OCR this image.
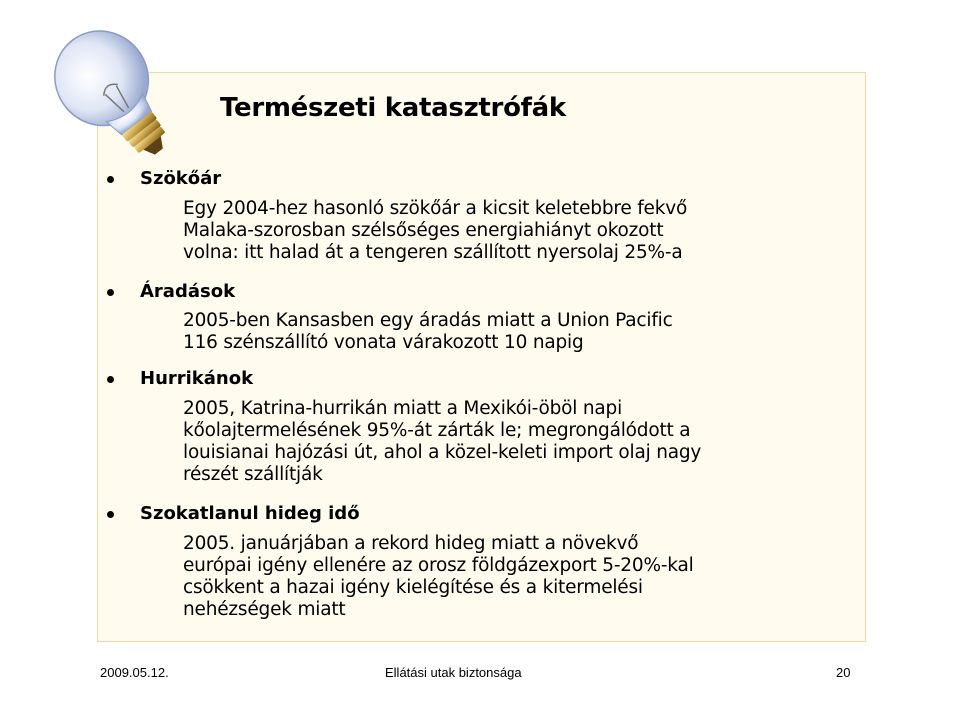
Természeti katasztrófák
Szökőár
Egy 2004-hez hasonló szökőár a kicsit keletebbre fekvő
Malaka-szorosban szélsőséges energiahiányt okozott
volna: itt halad át a tengeren szállított nyersolaj 25%-a
Áradások
2005-ben Kansasben egy áradás miatt a Union Pacific
116 szénszállító vonata várakozott 10 napig
Hurrikánok
2005, Katrina-hurrikán miatt a Mexikói-öböl napi
kőolajtermelésének 95%-át zárták le; megrongálódott a
louisianai hajózási út, ahol a közel-keleti import olaj nagy
részét szállítják
Szokatlanul hideg idő
2005. januárjában a rekord hideg miatt a növekvő
európai igény ellenére az orosz földgázexport 5-20%-kal
csökkent a hazai igény kielégítése és a kitermelési
nehézségek miatt
2009.05.12.	Ellátási utak biztonsága	20
